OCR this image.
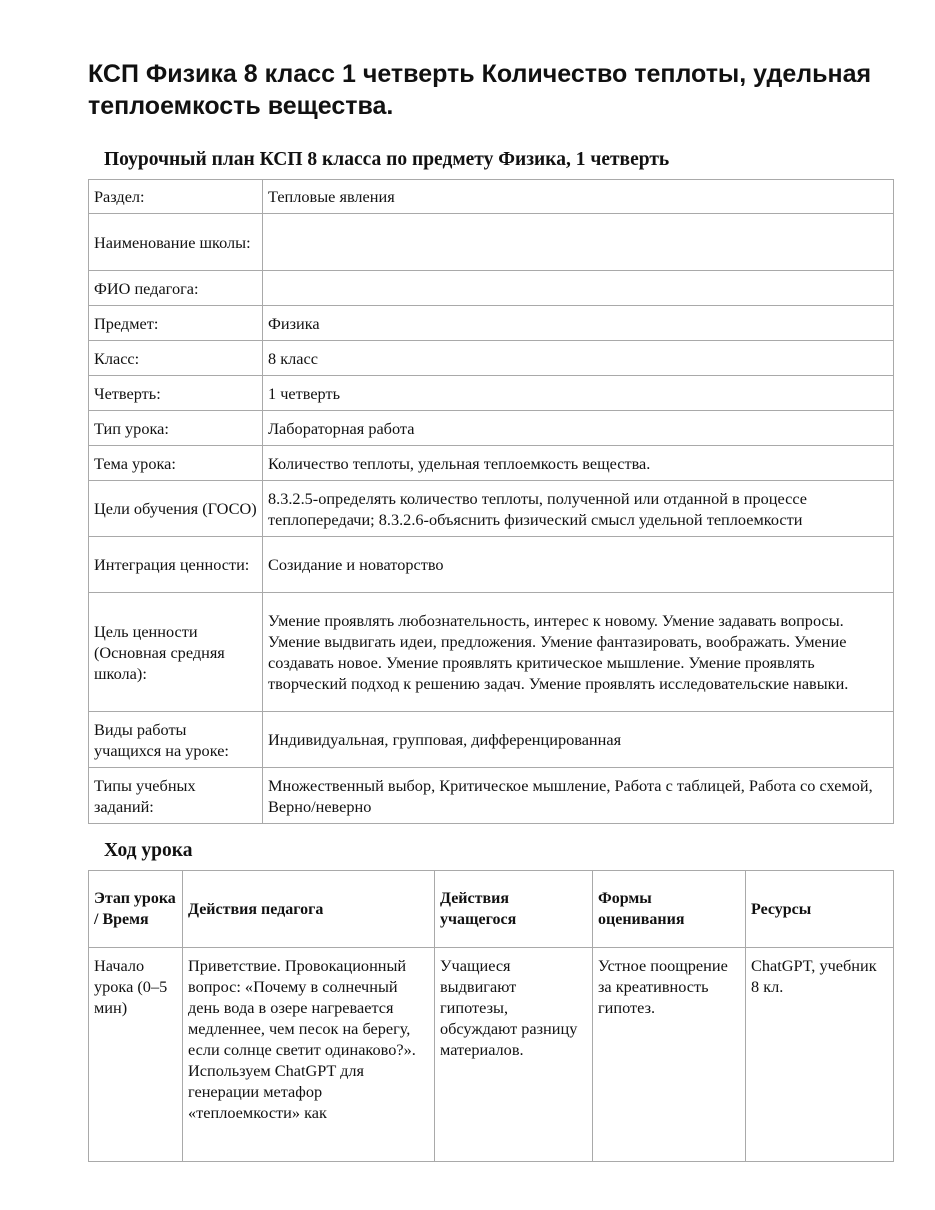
КСП Физика 8 класс 1 четверть Количество теплоты, удельная теплоемкость вещества.
Поурочный план КСП 8 класса по предмету Физика, 1 четверть
Раздел:	Тепловые явления
Наименование школы:	
ФИО педагога:	
Предмет:	Физика
Класс:	8 класс
Четверть:	1 четверть
Тип урока:	Лабораторная работа
Тема урока:	Количество теплоты, удельная теплоемкость вещества.
Цели обучения (ГОСО)	8.3.2.5-определять количество теплоты, полученной или отданной в процессе теплопередачи; 8.3.2.6-объяснить физический смысл удельной теплоемкости
Интеграция ценности:	Созидание и новаторство
Цель ценности (Основная средняя школа):	Умение проявлять любознательность, интерес к новому. Умение задавать вопросы. Умение выдвигать идеи, предложения. Умение фантазировать, воображать. Умение создавать новое. Умение проявлять критическое мышление. Умение проявлять творческий подход к решению задач. Умение проявлять исследовательские навыки.
Виды работы учащихся на уроке:	Индивидуальная, групповая, дифференцированная
Типы учебных заданий:	Множественный выбор, Критическое мышление, Работа с таблицей, Работа со схемой, Верно/неверно
Ход урока
Этап урока / Время	Действия педагога	Действия учащегося	Формы оценивания	Ресурсы

Начало урока (0–5 мин)	Приветствие. Провокационный вопрос: «Почему в солнечный день вода в озере нагревается медленнее, чем песок на берегу, если солнце светит одинаково?». Используем ChatGPT для генерации метафор «теплоемкости» как	Учащиеся выдвигают гипотезы, обсуждают разницу материалов.	Устное поощрение за креативность гипотез.	ChatGPT, учебник 8 кл.
